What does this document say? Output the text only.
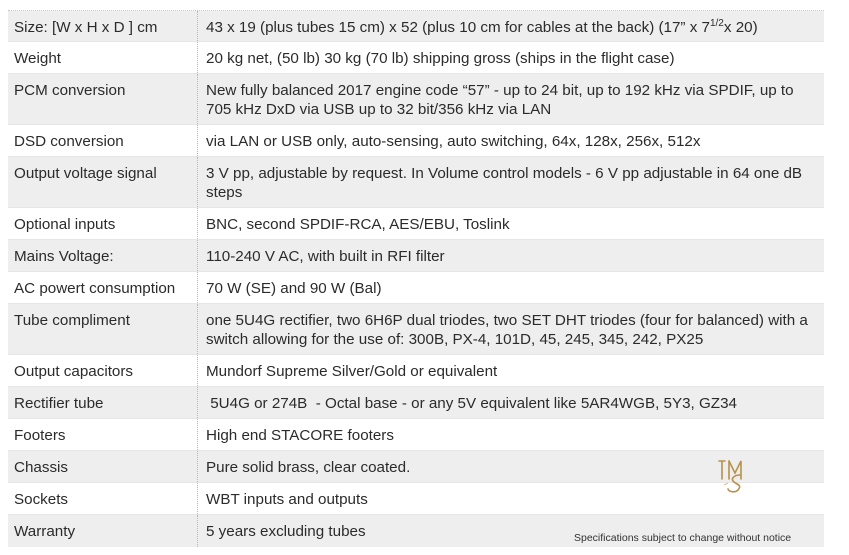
Size: [W x H x D ] cm	43 x 19 (plus tubes 15 cm) x 52 (plus 10 cm for cables at the back) (17” x $7^{1/2}x$ 20)
Weight	20 kg net, (50 lb) 30 kg (70 lb) shipping gross (ships in the flight case)
PCM conversion	New fully balanced 2017 engine code “57” - up to 24 bit, up to 192 kHz via SPDIF, up to 705 kHz DxD via USB up to 32 bit/356 kHz via LAN
DSD conversion	via LAN or USB only, auto-sensing, auto switching, 64x, 128x, 256x, 512x
Output voltage signal	3 V pp, adjustable by request. In Volume control models - 6 V pp adjustable in 64 one dB steps
Optional inputs	BNC, second SPDIF-RCA, AES/EBU, Toslink
Mains Voltage:	110-240 V AC, with built in RFI filter
AC powert consumption	70 W (SE) and 90 W (Bal)
Tube compliment	one 5U4G rectifier, two 6H6P dual triodes, two SET DHT triodes (four for balanced) with a switch allowing for the use of: 300B, PX-4, 101D, 45, 245, 345, 242, PX25
Output capacitors	Mundorf Supreme Silver/Gold or equivalent
Rectifier tube	5U4G or 274B  - Octal base - or any 5V equivalent like 5AR4WGB, 5Y3, GZ34
Footers	High end STACORE footers
Chassis	Pure solid brass, clear coated.
Sockets	WBT inputs and outputs
Warranty	5 years excluding tubes	Specifications subject to change without notice
